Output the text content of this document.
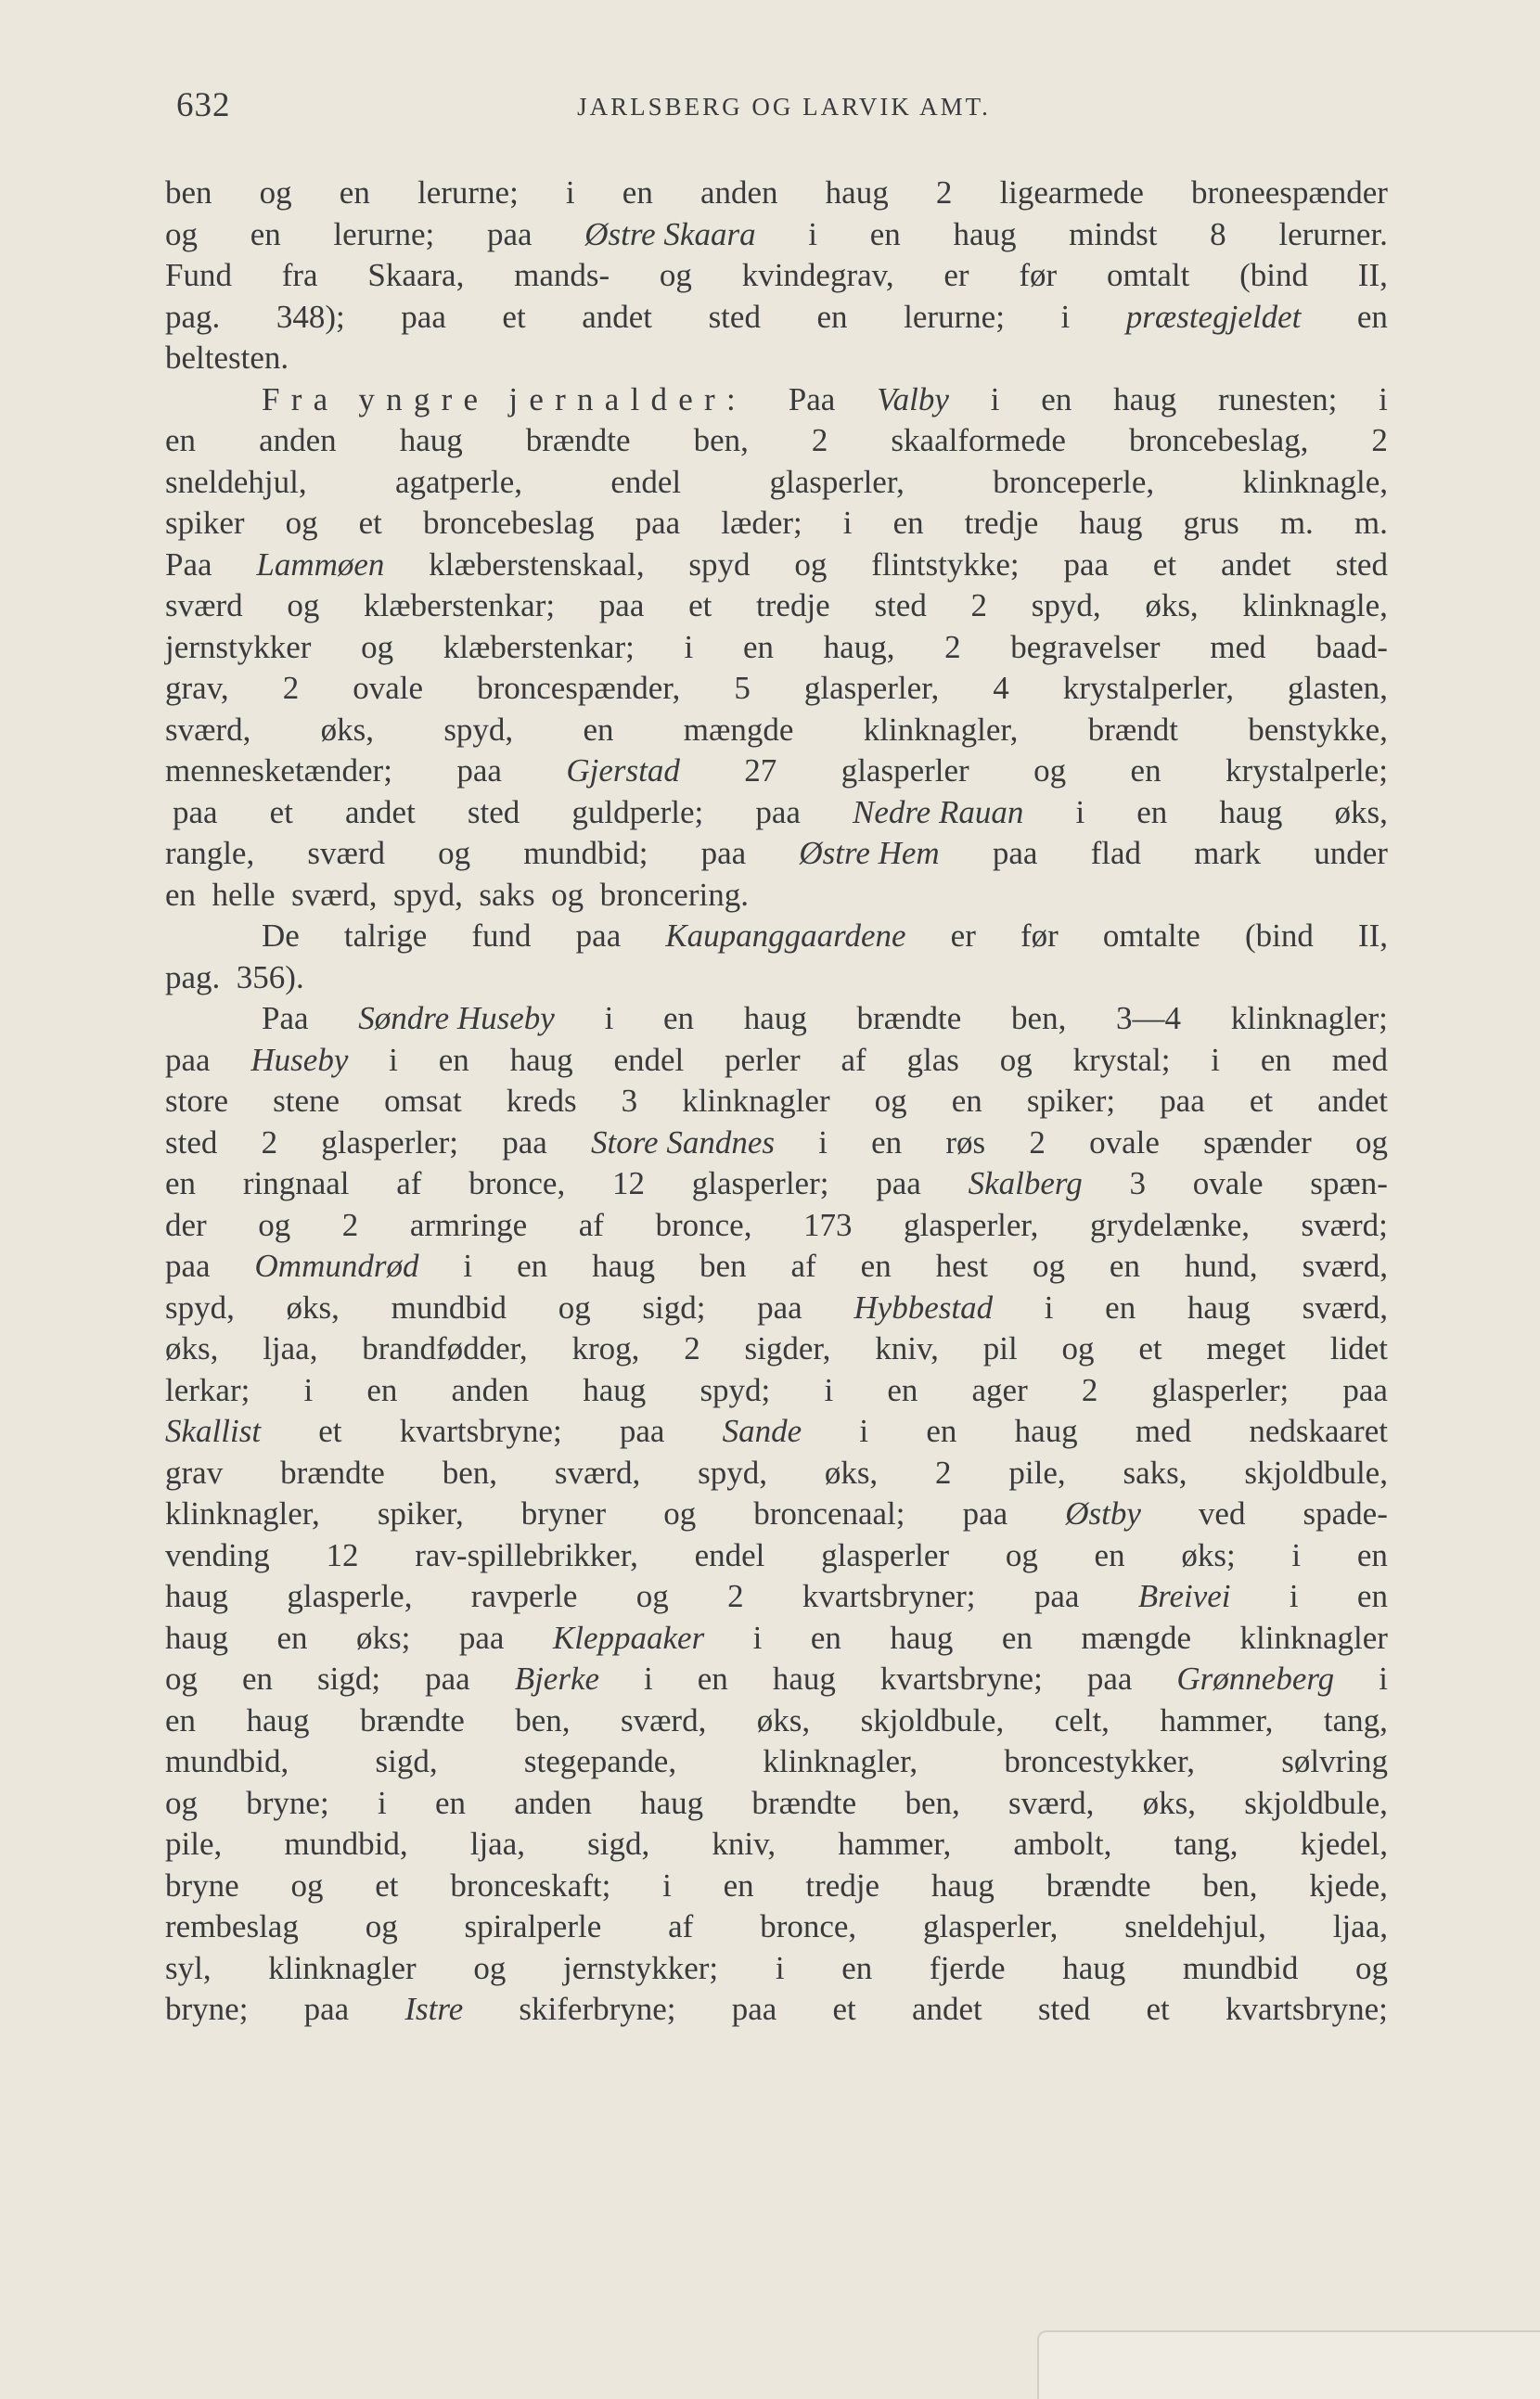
632	JARLSBERG OG LARVIK AMT.
ben og en lerurne; i en anden haug 2 ligearmede broneespænder
og en lerurne; paa Østre Skaara i en haug mindst 8 lerurner.
Fund fra Skaara, mands- og kvindegrav, er før omtalt (bind II,
pag. 348); paa et andet sted en lerurne; i præstegjeldet en
beltesten.
Fra yngre jernalder: Paa Valby i en haug runesten; i
en anden haug brændte ben, 2 skaalformede broncebeslag, 2
sneldehjul,	agatperle,	endel	glasperler,	bronceperle,	klinknagle,
spiker og et broncebeslag paa læder; i en tredje haug grus m. m.
Paa Lammøen klæberstenskaal, spyd og flintstykke; paa et andet sted
sværd og klæberstenkar; paa et tredje sted 2 spyd, øks, klinknagle,
jernstykker og klæberstenkar; i en haug, 2 begravelser med baad-
grav, 2 ovale broncespænder, 5 glasperler, 4 krystalperler, glasten,
sværd, øks, spyd, en mængde klinknagler, brændt benstykke,
mennesketænder; paa Gjerstad 27 glasperler og en krystalperle;
paa et andet sted guldperle; paa Nedre Rauan i en haug øks,
rangle, sværd og mundbid; paa Østre Hem paa flad mark under
en helle sværd, spyd, saks og broncering.
De talrige fund paa Kaupanggaardene er før omtalte (bind II,
pag. 356).
Paa Søndre Huseby i en haug brændte ben, 3—4 klinknagler;
paa Huseby i en haug endel perler af glas og krystal; i en med
store stene omsat kreds 3 klinknagler og en spiker; paa et andet
sted 2 glasperler; paa Store Sandnes i en røs 2 ovale spænder og
en ringnaal af bronce, 12 glasperler; paa Skalberg 3 ovale spæn-
der og 2 armringe af bronce, 173 glasperler, grydelænke, sværd;
paa Ommundrød i en haug ben af en hest og en hund, sværd,
spyd, øks, mundbid og sigd; paa Hybbestad i en haug sværd,
øks, ljaa, brandfødder, krog, 2 sigder, kniv, pil og et meget lidet
lerkar; i en anden haug spyd; i en ager 2 glasperler; paa
Skallist et kvartsbryne; paa Sande i en haug med nedskaaret
grav brændte ben, sværd, spyd, øks, 2 pile, saks, skjoldbule,
klinknagler, spiker, bryner og broncenaal; paa Østby ved spade-
vending 12 rav-spillebrikker, endel glasperler og en øks; i en
haug glasperle, ravperle og 2 kvartsbryner; paa Breivei i en
haug en øks; paa Kleppaaker i en haug en mængde klinknagler
og en sigd; paa Bjerke i en haug kvartsbryne; paa Grønneberg i
en haug brændte ben, sværd, øks, skjoldbule, celt, hammer, tang,
mundbid,	sigd,	stegepande,	klinknagler,	broncestykker,	sølvring
og bryne; i en anden haug brændte ben, sværd, øks, skjoldbule,
pile, mundbid, ljaa, sigd, kniv, hammer, ambolt, tang, kjedel,
bryne og et bronceskaft; i en tredje haug brændte ben, kjede,
rembeslag og spiralperle af bronce, glasperler, sneldehjul, ljaa,
syl, klinknagler og jernstykker; i en fjerde haug mundbid og
bryne; paa Istre skiferbryne; paa et andet sted et kvartsbryne;
